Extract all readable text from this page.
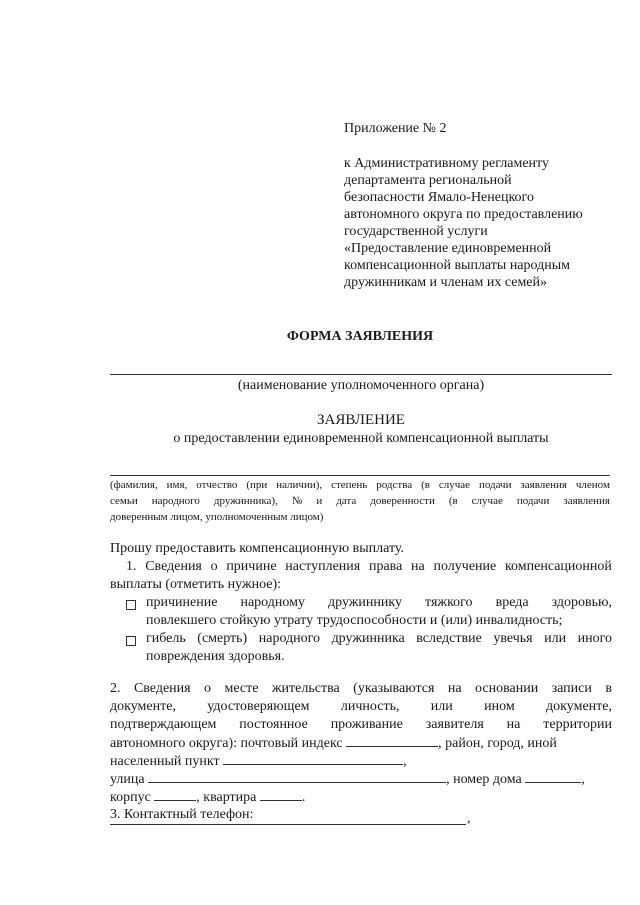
Приложение № 2
к Административному регламенту
департамента региональной
безопасности Ямало-Ненецкого
автономного округа по предоставлению
государственной услуги
«Предоставление единовременной
компенсационной выплаты народным
дружинникам и членам их семей»
ФОРМА ЗАЯВЛЕНИЯ
(наименование уполномоченного органа)
ЗАЯВЛЕНИЕ
о предоставлении единовременной компенсационной выплаты
(фамилия, имя, отчество (при наличии), степень родства (в случае подачи заявления членом
семьи народного дружинника), № и дата доверенности (в случае подачи заявления
доверенным лицом, уполномоченным лицом)
Прошу предоставить компенсационную выплату.
1. Сведения о причине наступления права на получение компенсационной
выплаты (отметить нужное):
причинение народному дружиннику тяжкого вреда здоровью,
повлекшего стойкую утрату трудоспособности и (или) инвалидность;
гибель (смерть) народного дружинника вследствие увечья или иного
повреждения здоровья.
2. Сведения о месте жительства (указываются на основании записи в
документе, удостоверяющем личность, или ином документе,
подтверждающем постоянное проживание заявителя на территории
автономного округа): почтовый индекс	, район, город, иной
населенный пункт	,
улица	, номер дома	,
корпус	, квартира	.
3. Контактный телефон:	,
